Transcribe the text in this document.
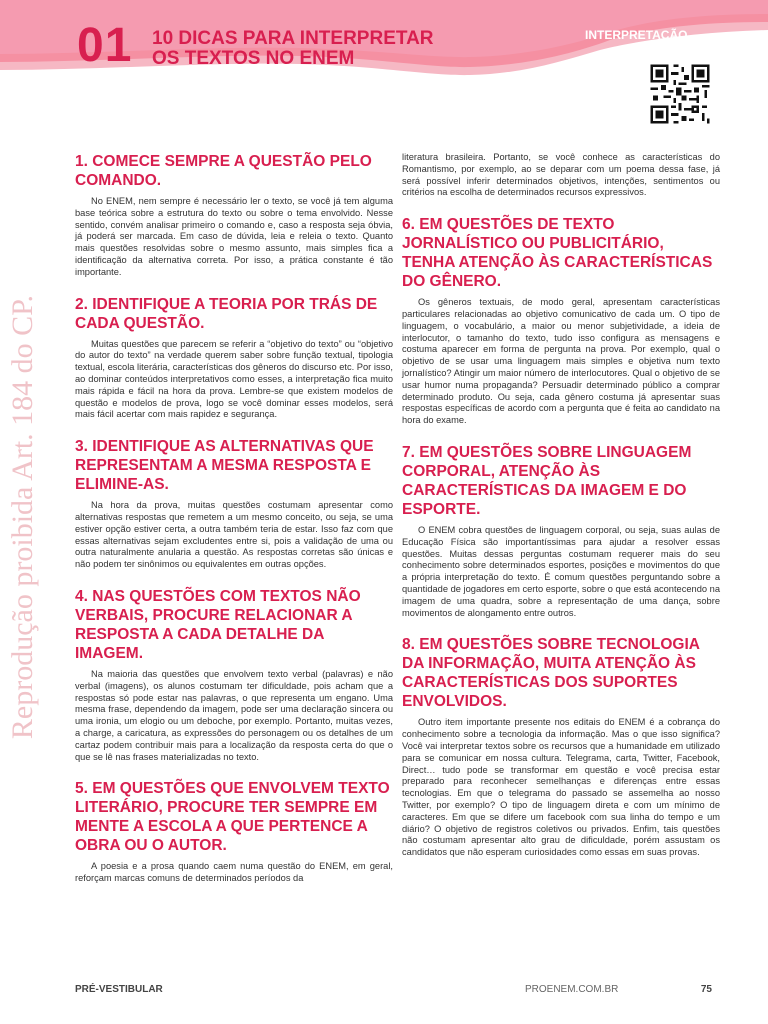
01 10 DICAS PARA INTERPRETAR
OS TEXTOS NO ENEM
INTERPRETAÇÃO
Reprodução proibida Art. 184 do CP.
1. COMECE SEMPRE A QUESTÃO PELO COMANDO.

No ENEM, nem sempre é necessário ler o texto, se você já tem alguma base teórica sobre a estrutura do texto ou sobre o tema envolvido. Nesse sentido, convém analisar primeiro o comando e, caso a resposta seja óbvia, já poderá ser marcada. Em caso de dúvida, leia e releia o texto. Quanto mais questões resolvidas sobre o mesmo assunto, mais simples fica a identificação da alternativa correta. Por isso, a prática constante é tão importante.

2. IDENTIFIQUE A TEORIA POR TRÁS DE CADA QUESTÃO.

Muitas questões que parecem se referir a “objetivo do texto” ou “objetivo do autor do texto” na verdade querem saber sobre função textual, tipologia textual, escola literária, características dos gêneros do discurso etc. Por isso, ao dominar conteúdos interpretativos como esses, a interpretação fica muito mais rápida e fácil na hora da prova. Lembre-se que existem modelos de questão e modelos de prova, logo se você dominar esses modelos, será mais fácil acertar com mais rapidez e segurança.

3. IDENTIFIQUE AS ALTERNATIVAS QUE REPRESENTAM A MESMA RESPOSTA E ELIMINE-AS.

Na hora da prova, muitas questões costumam apresentar como alternativas respostas que remetem a um mesmo conceito, ou seja, se uma estiver opção estiver certa, a outra também teria de estar. Isso faz com que essas alternativas sejam excludentes entre si, pois a validação de uma ou outra naturalmente anularia a questão. As respostas corretas são únicas e não podem ter sinônimos ou equivalentes em outras opções.

4. NAS QUESTÕES COM TEXTOS NÃO VERBAIS, PROCURE RELACIONAR A RESPOSTA A CADA DETALHE DA IMAGEM.

Na maioria das questões que envolvem texto verbal (palavras) e não verbal (imagens), os alunos costumam ter dificuldade, pois acham que a respostas só pode estar nas palavras, o que representa um engano. Uma mesma frase, dependendo da imagem, pode ser uma declaração sincera ou uma ironia, um elogio ou um deboche, por exemplo. Portanto, muitas vezes, a charge, a caricatura, as expressões do personagem ou os detalhes de um cartaz podem contribuir mais para a localização da resposta certa do que o que se lê nas frases materializadas no texto.

5. EM QUESTÕES QUE ENVOLVEM TEXTO LITERÁRIO, PROCURE TER SEMPRE EM MENTE A ESCOLA A QUE PERTENCE A OBRA OU O AUTOR.

A poesia e a prosa quando caem numa questão do ENEM, em geral, reforçam marcas comuns de determinados períodos da

literatura brasileira. Portanto, se você conhece as características do Romantismo, por exemplo, ao se deparar com um poema dessa fase, já será possível inferir determinados objetivos, intenções, sentimentos ou critérios na escolha de determinados recursos expressivos.

6. EM QUESTÕES DE TEXTO JORNALÍSTICO OU PUBLICITÁRIO, TENHA ATENÇÃO ÀS CARACTERÍSTICAS DO GÊNERO.

Os gêneros textuais, de modo geral, apresentam características particulares relacionadas ao objetivo comunicativo de cada um. O tipo de linguagem, o vocabulário, a maior ou menor subjetividade, a ideia de interlocutor, o tamanho do texto, tudo isso configura as mensagens e costuma aparecer em forma de pergunta na prova. Por exemplo, qual o objetivo de se usar uma linguagem mais simples e objetiva num texto jornalístico? Atingir um maior número de interlocutores. Qual o objetivo de se usar humor numa propaganda? Persuadir determinado público a comprar determinado produto. Ou seja, cada gênero costuma já apresentar suas respostas específicas de acordo com a pergunta que é feita ao candidato na hora do exame.

7. EM QUESTÕES SOBRE LINGUAGEM CORPORAL, ATENÇÃO ÀS CARACTERÍSTICAS DA IMAGEM E DO ESPORTE.

O ENEM cobra questões de linguagem corporal, ou seja, suas aulas de Educação Física são importantíssimas para ajudar a resolver essas questões. Muitas dessas perguntas costumam requerer mais do seu conhecimento sobre determinados esportes, posições e movimentos do que a própria interpretação do texto. É comum questões perguntando sobre a quantidade de jogadores em certo esporte, sobre o que está acontecendo na imagem de uma quadra, sobre a representação de uma dança, sobre movimentos de alongamento entre outros.

8. EM QUESTÕES SOBRE TECNOLOGIA DA INFORMAÇÃO, MUITA ATENÇÃO ÀS CARACTERÍSTICAS DOS SUPORTES ENVOLVIDOS.

Outro item importante presente nos editais do ENEM é a cobrança do conhecimento sobre a tecnologia da informação. Mas o que isso significa? Você vai interpretar textos sobre os recursos que a humanidade em utilizado para se comunicar em nossa cultura. Telegrama, carta, Twitter, Facebook, Direct… tudo pode se transformar em questão e você precisa estar preparado para reconhecer semelhanças e diferenças entre essas tecnologias. Em que o telegrama do passado se assemelha ao nosso Twitter, por exemplo? O tipo de linguagem direta e com um mínimo de caracteres. Em que se difere um facebook com sua linha do tempo e um diário? O objetivo de registros coletivos ou privados. Enfim, tais questões não costumam apresentar alto grau de dificuldade, porém assustam os candidatos que não esperam curiosidades como essas em suas provas.

PRÉ-VESTIBULAR	PROENEM.COM.BR	75
